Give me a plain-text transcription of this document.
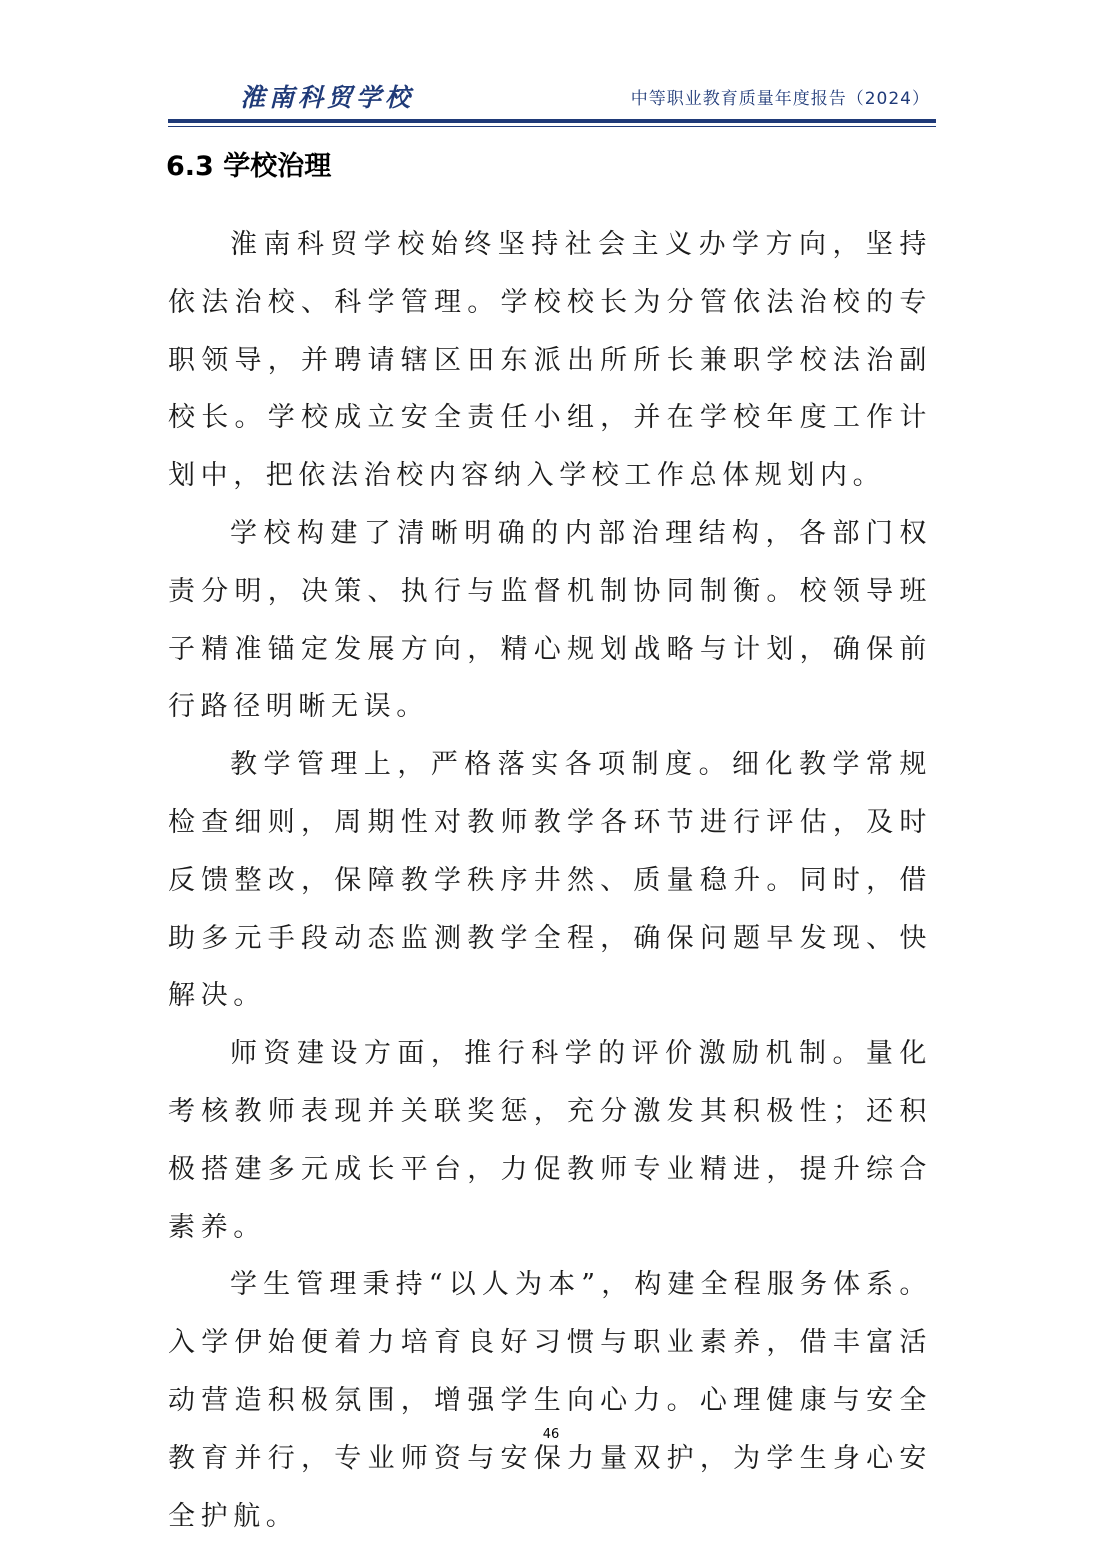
淮南科贸学校	中等职业教育质量年度报告（2024）
6.3 学校治理

淮南科贸学校始终坚持社会主义办学方向，坚持依法治校、科学管理。学校校长为分管依法治校的专职领导，并聘请辖区田东派出所所长兼职学校法治副校长。学校成立安全责任小组，并在学校年度工作计划中，把依法治校内容纳入学校工作总体规划内。

学校构建了清晰明确的内部治理结构，各部门权责分明，决策、执行与监督机制协同制衡。校领导班子精准锚定发展方向，精心规划战略与计划，确保前行路径明晰无误。

教学管理上，严格落实各项制度。细化教学常规检查细则，周期性对教师教学各环节进行评估，及时反馈整改，保障教学秩序井然、质量稳升。同时，借助多元手段动态监测教学全程，确保问题早发现、快解决。

师资建设方面，推行科学的评价激励机制。量化考核教师表现并关联奖惩，充分激发其积极性；还积极搭建多元成长平台，力促教师专业精进，提升综合素养。

学生管理秉持“以人为本”，构建全程服务体系。入学伊始便着力培育良好习惯与职业素养，借丰富活动营造积极氛围，增强学生向心力。心理健康与安全教育并行，专业师资与安保力量双护，为学生身心安全护航。

46
